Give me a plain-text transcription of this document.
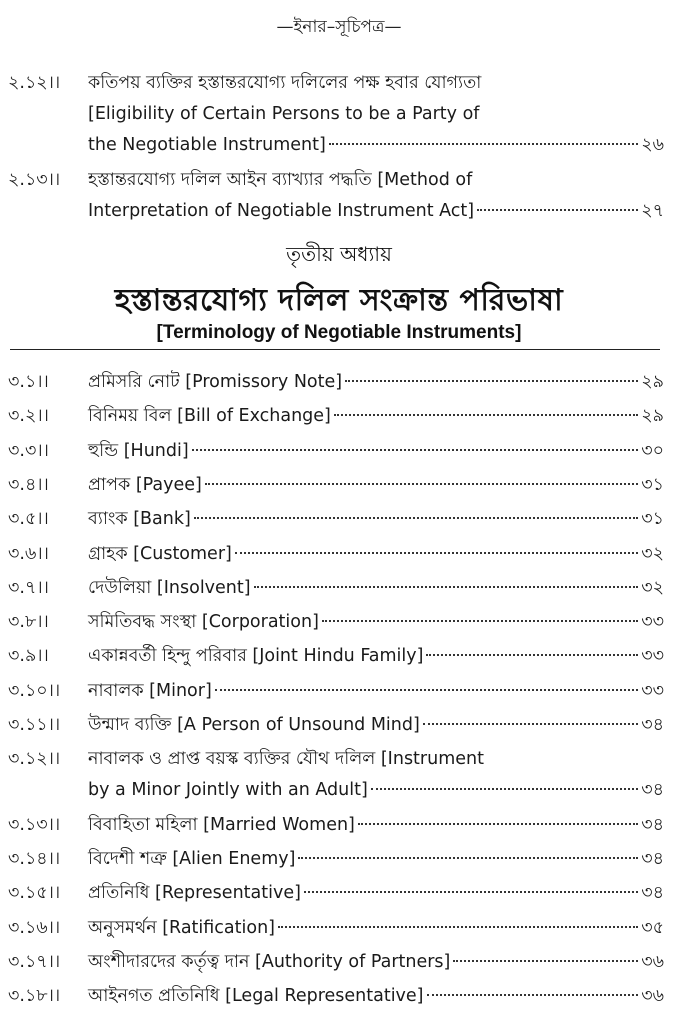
—ইনার–সূচিপত্র—
২.১২।।	কতিপয় ব্যক্তির হস্তান্তরযোগ্য দলিলের পক্ষ হবার যোগ্যতা
[Eligibility of Certain Persons to be a Party of
the Negotiable Instrument]	২৬
২.১৩।।	হস্তান্তরযোগ্য দলিল আইন ব্যাখ্যার পদ্ধতি [Method of
Interpretation of Negotiable Instrument Act]	২৭
তৃতীয় অধ্যায়
হস্তান্তরযোগ্য দলিল সংক্রান্ত পরিভাষা
[Terminology of Negotiable Instruments]
৩.১।।	প্রমিসরি নোট [Promissory Note]	২৯
৩.২।।	বিনিময় বিল [Bill of Exchange]	২৯
৩.৩।।	হুন্ডি [Hundi]	৩০
৩.৪।।	প্রাপক [Payee]	৩১
৩.৫।।	ব্যাংক [Bank]	৩১
৩.৬।।	গ্রাহক [Customer]	৩২
৩.৭।।	দেউলিয়া [Insolvent]	৩২
৩.৮।।	সমিতিবদ্ধ সংস্থা [Corporation]	৩৩
৩.৯।।	একান্নবর্তী হিন্দু পরিবার [Joint Hindu Family]	৩৩
৩.১০।।	নাবালক [Minor]	৩৩
৩.১১।।	উন্মাদ ব্যক্তি [A Person of Unsound Mind]	৩৪
৩.১২।।	নাবালক ও প্রাপ্ত বয়স্ক ব্যক্তির যৌথ দলিল [Instrument
by a Minor Jointly with an Adult]	৩৪
৩.১৩।।	বিবাহিতা মহিলা [Married Women]	৩৪
৩.১৪।।	বিদেশী শত্রু [Alien Enemy]	৩৪
৩.১৫।।	প্রতিনিধি [Representative]	৩৪
৩.১৬।।	অনুসমর্থন [Ratification]	৩৫
৩.১৭।।	অংশীদারদের কর্তৃত্ব দান [Authority of Partners]	৩৬
৩.১৮।।	আইনগত প্রতিনিধি [Legal Representative]	৩৬
